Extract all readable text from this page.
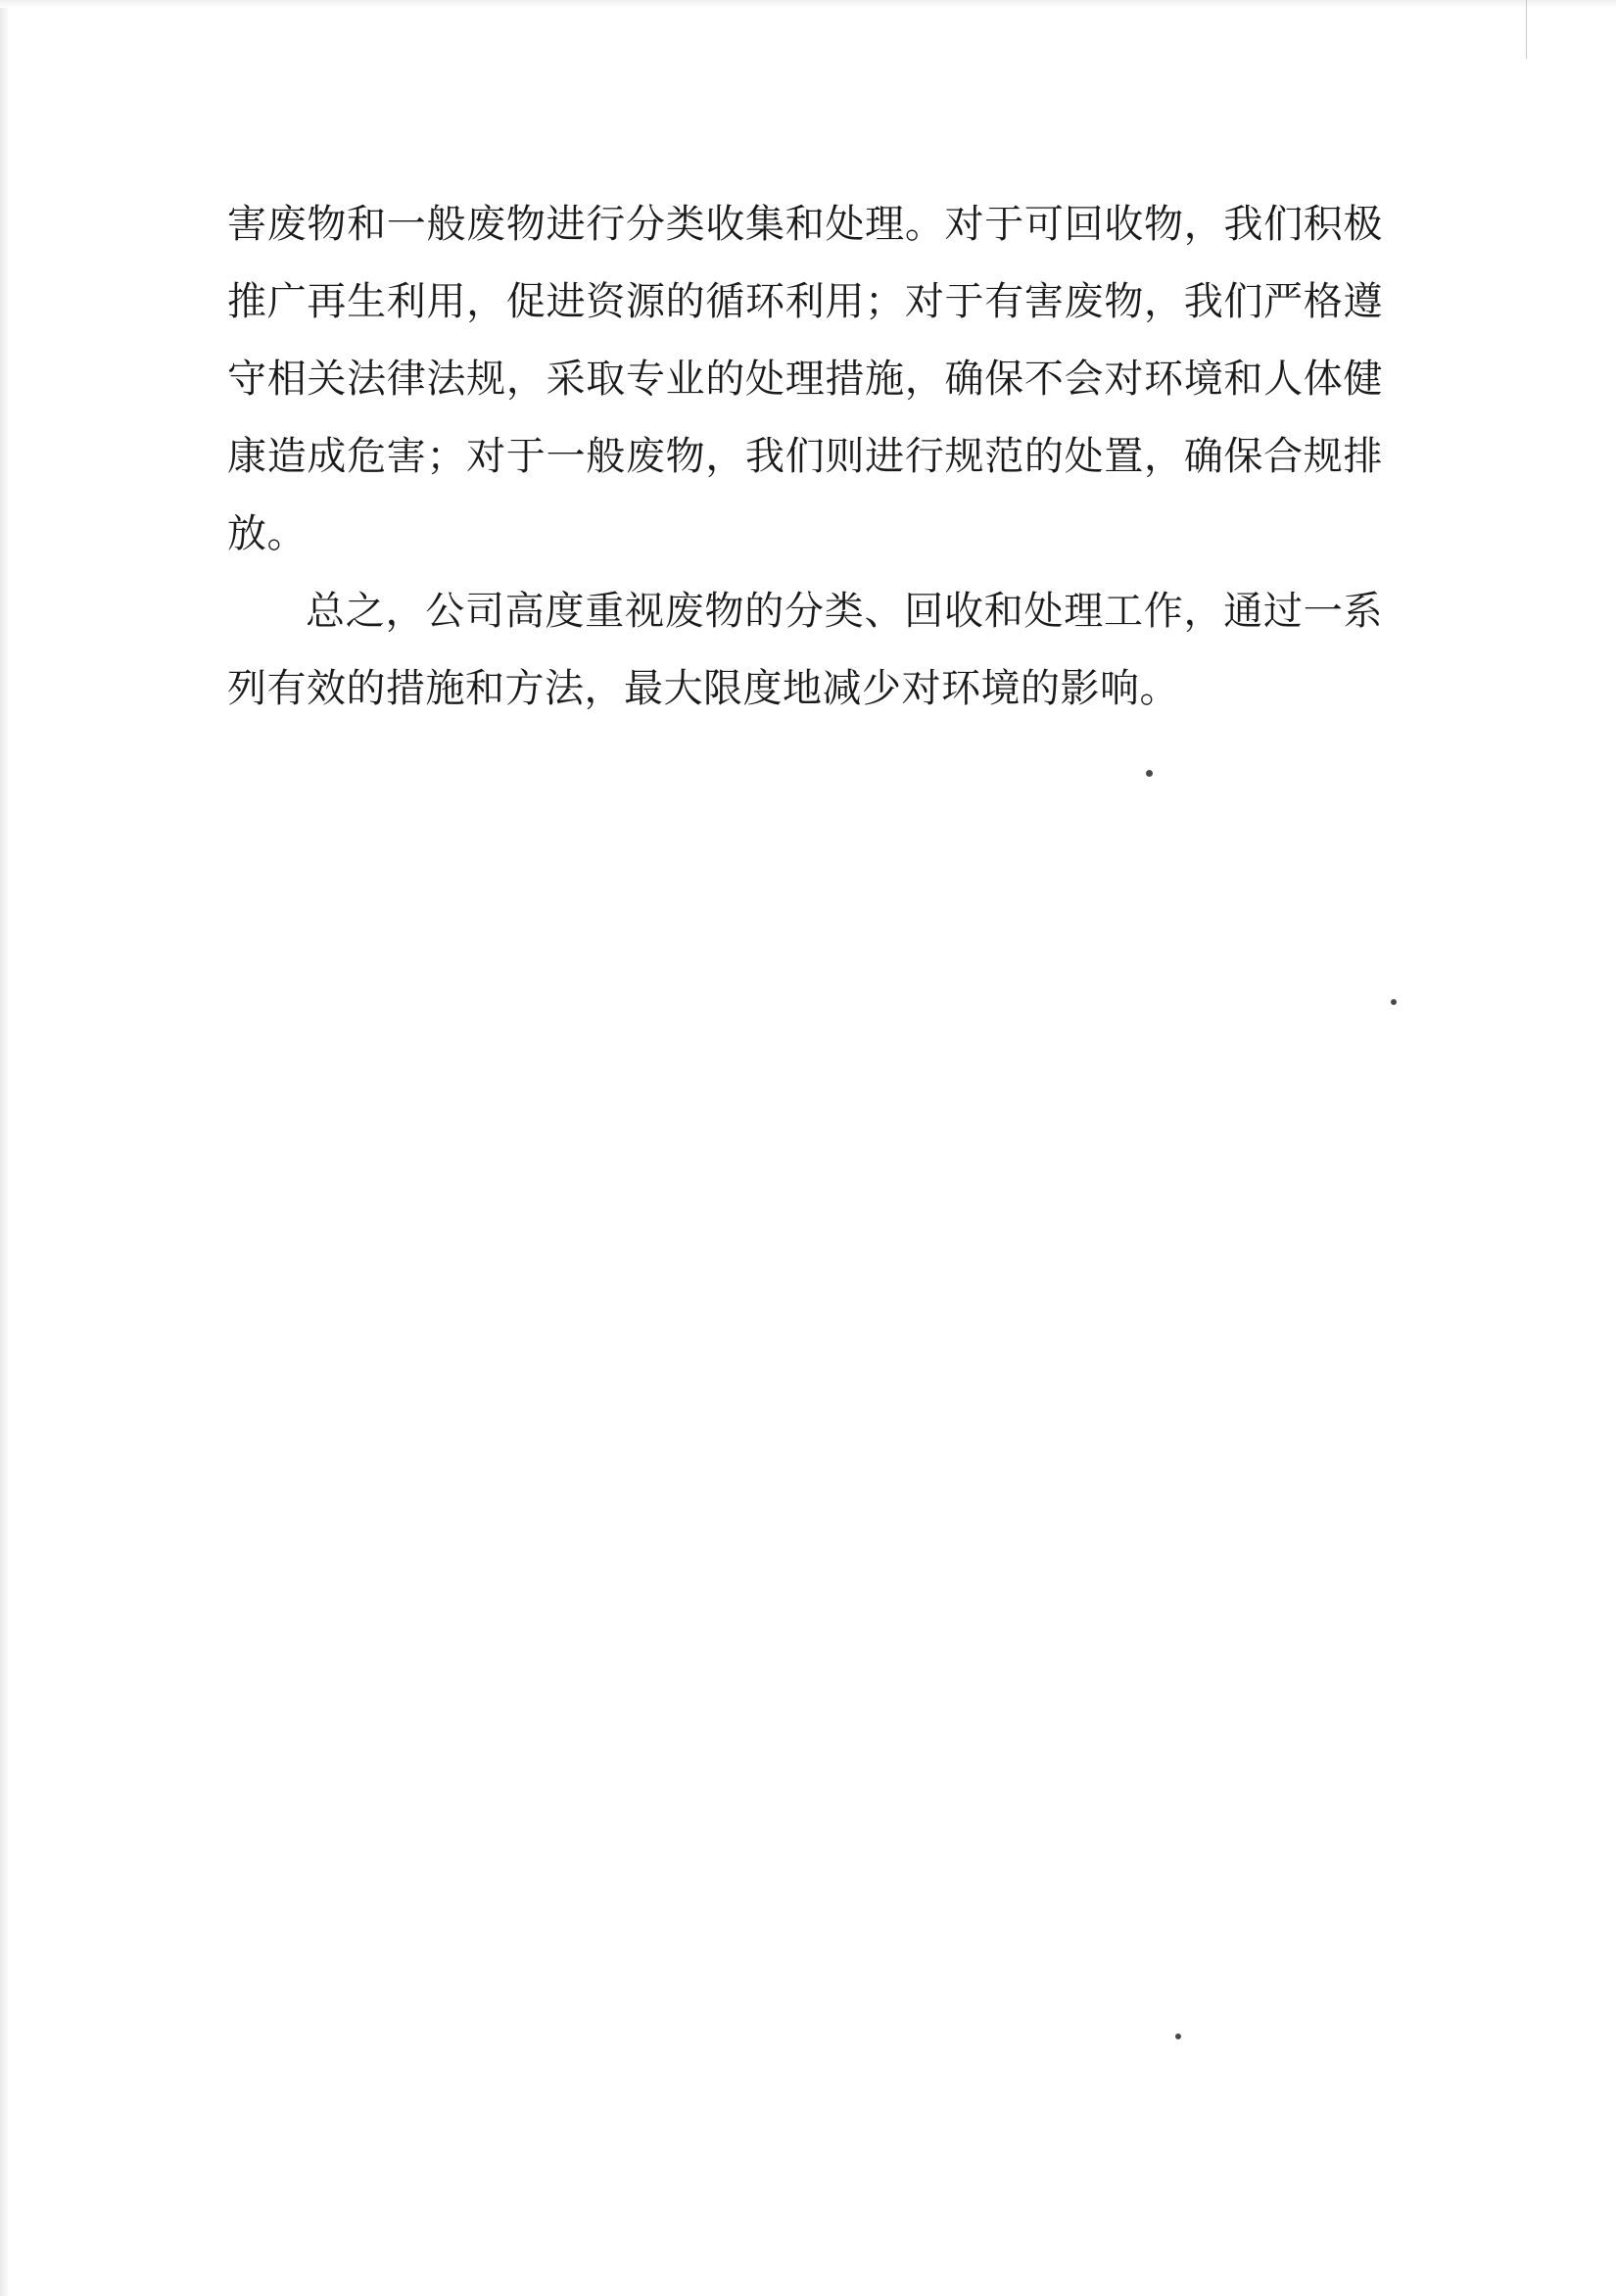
害废物和一般废物进行分类收集和处理。对于可回收物，我们积极推广再生利用，促进资源的循环利用；对于有害废物，我们严格遵守相关法律法规，采取专业的处理措施，确保不会对环境和人体健康造成危害；对于一般废物，我们则进行规范的处置，确保合规排放。

总之，公司高度重视废物的分类、回收和处理工作，通过一系列有效的措施和方法，最大限度地减少对环境的影响。
